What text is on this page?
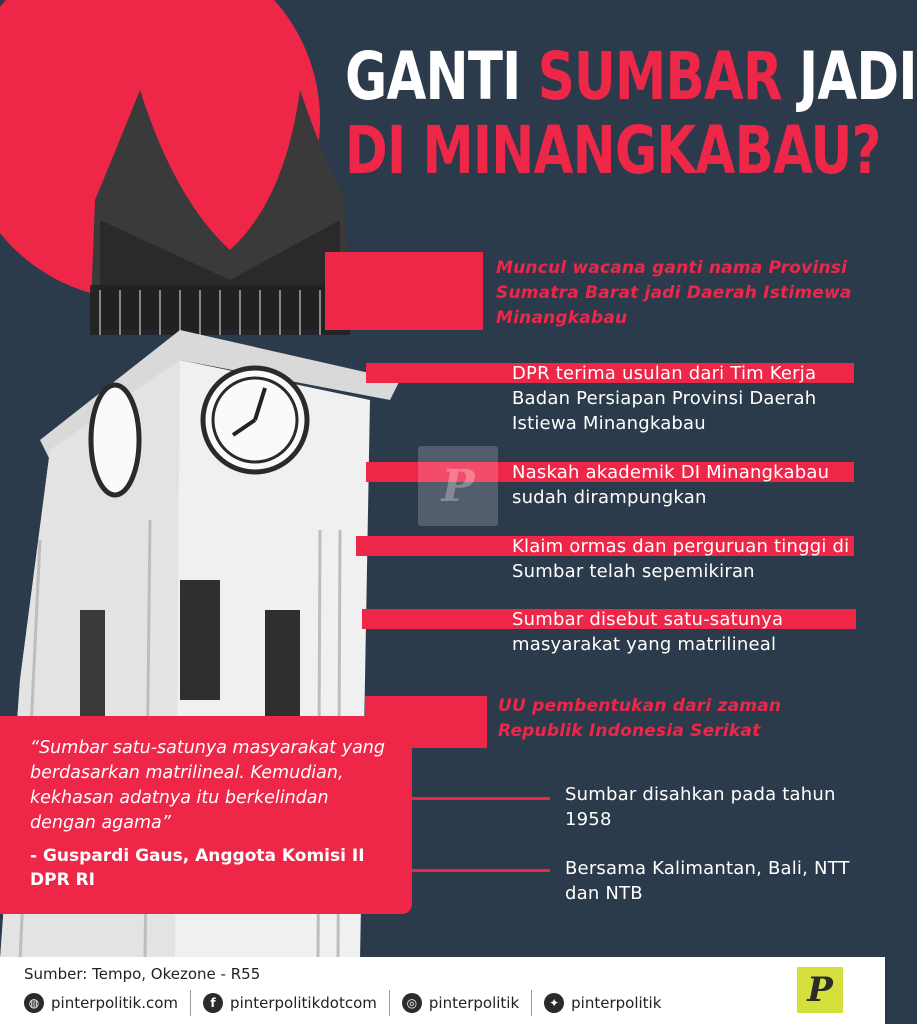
GANTI SUMBAR JADI
DI MINANGKABAU?
Muncul wacana ganti nama Provinsi Sumatra Barat jadi Daerah Istimewa Minangkabau
DPR terima usulan dari Tim Kerja Badan Persiapan Provinsi Daerah Istiewa Minangkabau
Naskah akademik DI Minangkabau sudah dirampungkan
Klaim ormas dan perguruan tinggi di Sumbar telah sepemikiran
Sumbar disebut satu-satunya masyarakat yang matrilineal
UU pembentukan dari zaman Republik Indonesia Serikat
P
“Sumbar satu-satunya masyarakat yang berdasarkan matrilineal. Kemudian, kekhasan adatnya itu berkelindan dengan agama”
- Guspardi Gaus, Anggota Komisi II DPR RI
Sumbar disahkan pada tahun 1958
Bersama Kalimantan, Bali, NTT dan NTB
Sumber: Tempo, Okezone - R55
◍ pinterpolitik.com	f pinterpolitikdotcom	◎ pinterpolitik	✦ pinterpolitik	P
